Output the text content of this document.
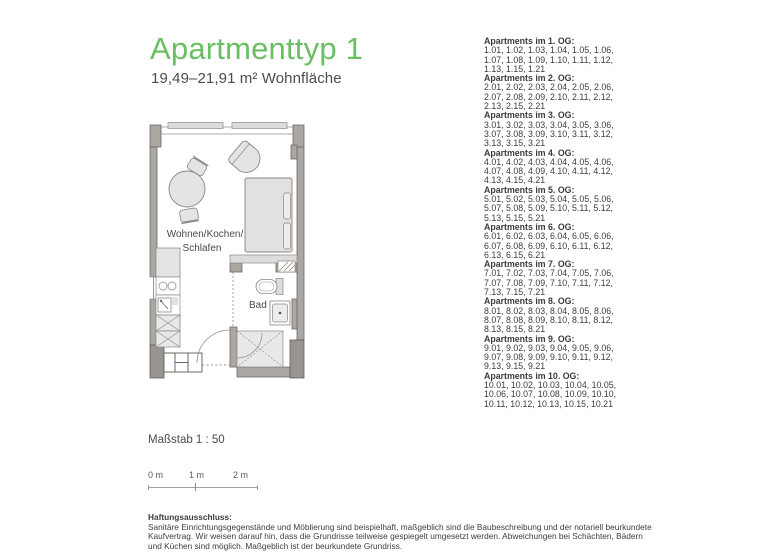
Apartmenttyp 1
19,49–21,91 m² Wohnfläche
Wohnen/Kochen/
Schlafen
Bad
Apartments im 1. OG:
1.01, 1.02, 1.03, 1.04, 1.05, 1.06, 1.07, 1.08, 1.09, 1.10, 1.11, 1.12, 1.13, 1.15, 1.21
Apartments im 2. OG:
2.01, 2.02, 2.03, 2.04, 2.05, 2.06, 2.07, 2.08, 2.09, 2.10, 2.11, 2.12, 2.13, 2.15, 2.21
Apartments im 3. OG:
3.01, 3.02, 3.03, 3.04, 3.05, 3.06, 3.07, 3.08, 3.09, 3.10, 3.11, 3.12, 3.13, 3.15, 3.21
Apartments im 4. OG:
4.01, 4.02, 4.03, 4.04, 4.05, 4.06, 4.07, 4.08, 4.09, 4.10, 4.11, 4.12, 4.13, 4.15, 4.21
Apartments im 5. OG:
5.01, 5.02, 5.03, 5.04, 5.05, 5.06, 5.07, 5.08, 5.09, 5.10, 5.11, 5.12, 5.13, 5.15, 5.21
Apartments im 6. OG:
6.01, 6.02, 6.03, 6.04, 6.05, 6.06, 6.07, 6.08, 6.09, 6.10, 6.11, 6.12, 6.13, 6.15, 6.21
Apartments im 7. OG:
7.01, 7.02, 7.03, 7.04, 7.05, 7.06, 7.07, 7.08, 7.09, 7.10, 7.11, 7.12, 7.13, 7.15, 7.21
Apartments im 8. OG:
8.01, 8.02, 8.03, 8.04, 8.05, 8.06, 8.07, 8.08, 8.09, 8.10, 8.11, 8.12, 8.13, 8.15, 8.21
Apartments im 9. OG:
9.01, 9.02, 9.03, 9.04, 9.05, 9.06, 9.07, 9.08, 9.09, 9.10, 9.11, 9.12, 9.13, 9.15, 9.21
Apartments im 10. OG:
10.01, 10.02, 10.03, 10.04, 10.05, 10.06, 10.07, 10.08, 10.09, 10.10, 10.11, 10.12, 10.13, 10.15, 10.21
Maßstab 1 : 50
0 m	1 m	2 m
Haftungsausschluss:
Sanitäre Einrichtungsgegenstände und Möblierung sind beispielhaft, maßgeblich sind die Baubeschreibung und der notariell beurkundete
Kaufvertrag. Wir weisen darauf hin, dass die Grundrisse teilweise gespiegelt umgesetzt werden. Abweichungen bei Schächten, Bädern
und Küchen sind möglich. Maßgeblich ist der beurkundete Grundriss.
